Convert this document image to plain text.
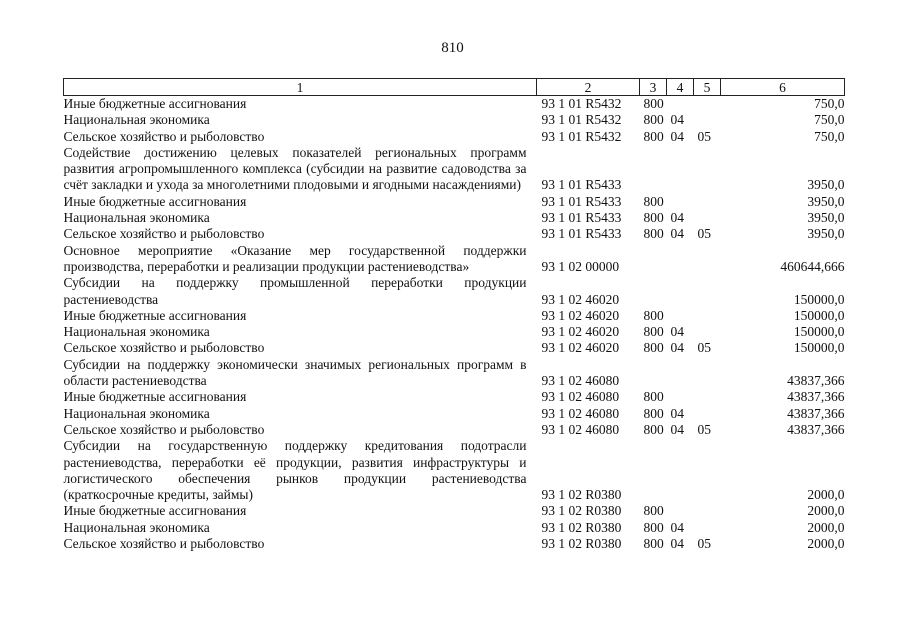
810
1	2	3	4	5	6
Иные бюджетные ассигнования	93 1 01 R5432	800			750,0
Национальная экономика	93 1 01 R5432	800	04		750,0
Сельское хозяйство и рыболовство	93 1 01 R5432	800	04	05	750,0
Содействие достижению целевых показателей региональных программ развития агропромышленного комплекса (субсидии на развитие садоводства за счёт закладки и ухода за многолетними плодовыми и ягодными насаждениями)	93 1 01 R5433				3950,0
Иные бюджетные ассигнования	93 1 01 R5433	800			3950,0
Национальная экономика	93 1 01 R5433	800	04		3950,0
Сельское хозяйство и рыболовство	93 1 01 R5433	800	04	05	3950,0
Основное мероприятие «Оказание мер государственной поддержки производства, переработки и реализации продукции растениеводства»	93 1 02 00000				460644,666
Субсидии на поддержку промышленной переработки продукции растениеводства	93 1 02 46020				150000,0
Иные бюджетные ассигнования	93 1 02 46020	800			150000,0
Национальная экономика	93 1 02 46020	800	04		150000,0
Сельское хозяйство и рыболовство	93 1 02 46020	800	04	05	150000,0
Субсидии на поддержку экономически значимых региональных программ в области растениеводства	93 1 02 46080				43837,366
Иные бюджетные ассигнования	93 1 02 46080	800			43837,366
Национальная экономика	93 1 02 46080	800	04		43837,366
Сельское хозяйство и рыболовство	93 1 02 46080	800	04	05	43837,366
Субсидии на государственную поддержку кредитования подотрасли растениеводства, переработки её продукции, развития инфраструктуры и логистического обеспечения рынков продукции растениеводства (краткосрочные кредиты, займы)	93 1 02 R0380				2000,0
Иные бюджетные ассигнования	93 1 02 R0380	800			2000,0
Национальная экономика	93 1 02 R0380	800	04		2000,0
Сельское хозяйство и рыболовство	93 1 02 R0380	800	04	05	2000,0
